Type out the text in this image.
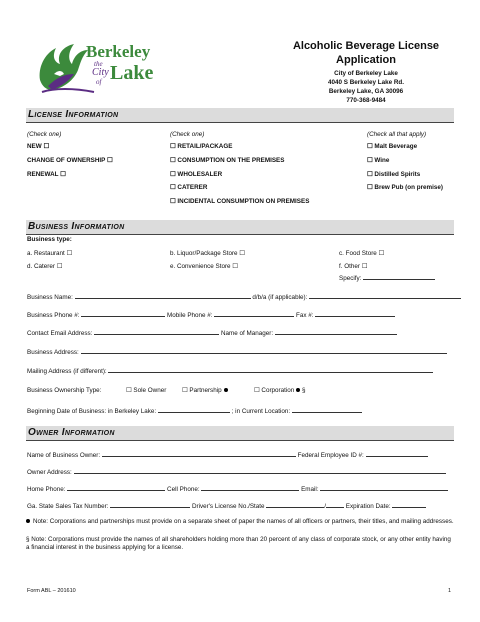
Berkeley
the
City
of Lake
Alcoholic Beverage License
Application
City of Berkeley Lake
4040 S Berkeley Lake Rd.
Berkeley Lake, GA 30096
770-368-9484
License Information
(Check one)	(Check one)	(Check all that apply)
NEW ☐
CHANGE OF OWNERSHIP ☐
RENEWAL ☐
☐ RETAIL/PACKAGE
☐ CONSUMPTION ON THE PREMISES
☐ WHOLESALER
☐ CATERER
☐ INCIDENTAL CONSUMPTION ON PREMISES
☐ Malt Beverage
☐ Wine
☐ Distilled Spirits
☐ Brew Pub (on premise)
Business Information
Business type:
a. Restaurant ☐	b. Liquor/Package Store ☐	c. Food Store ☐
d. Caterer ☐	e. Convenience Store ☐	f. Other ☐
Specify:
Business Name:	d/b/a (if applicable):
Business Phone #:	Mobile Phone #:	Fax #:
Contact Email Address:	Name of Manager:
Business Address:
Mailing Address (if different):
Business Ownership Type:	☐ Sole Owner ☐ Partnership	☐ Corporation §
Beginning Date of Business: in Berkeley Lake:	; in Current Location:
Owner Information
Name of Business Owner:	Federal Employee ID #:
Owner Address:
Home Phone:	Cell Phone:	Email:
Ga. State Sales Tax Number:	Driver's License No./State	/	Expiration Date:
Note: Corporations and partnerships must provide on a separate sheet of paper the names of all officers or partners, their titles, and mailing addresses.
§ Note: Corporations must provide the names of all shareholders holding more than 20 percent of any class of corporate stock, or any other entity having a financial interest in the business applying for a license.
Form ABL – 201610	1
